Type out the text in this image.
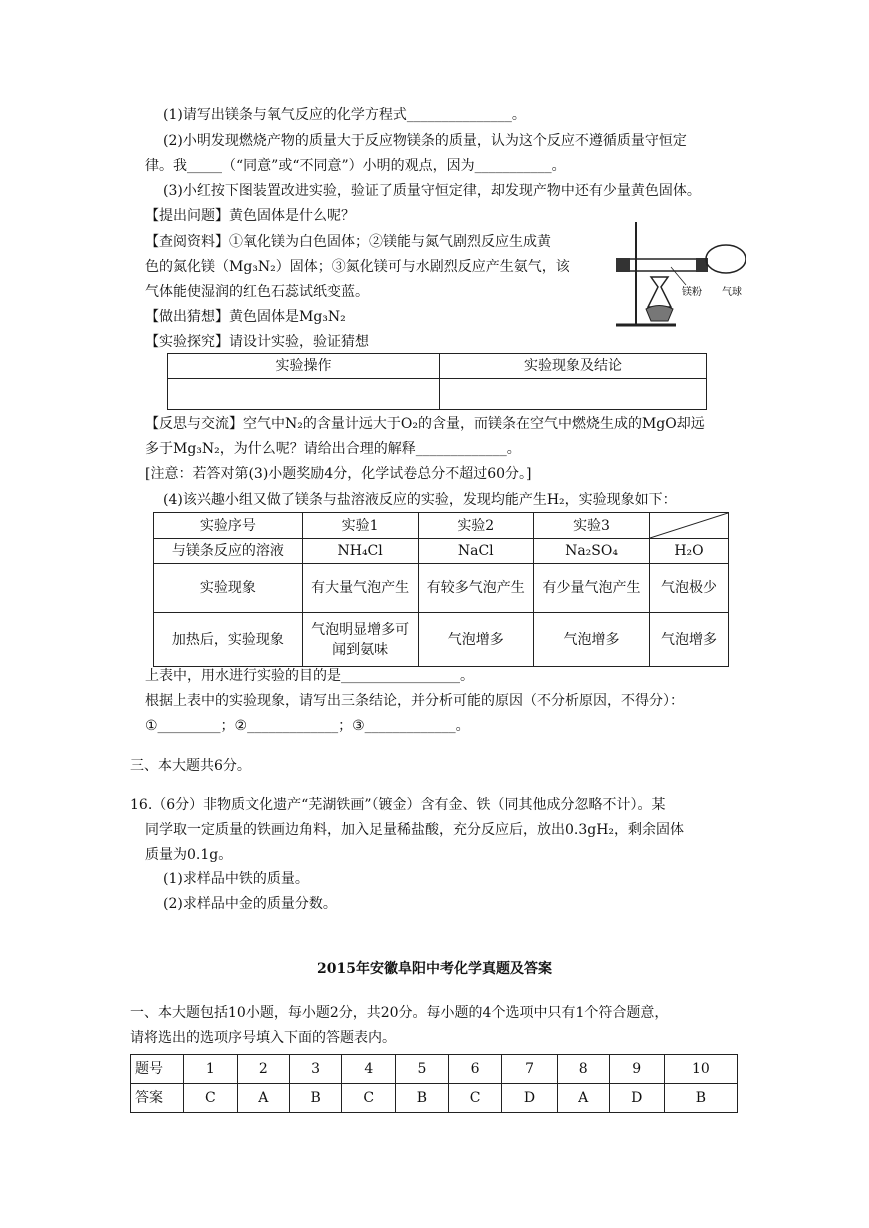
(1)请写出镁条与氧气反应的化学方程式_______________。
(2)小明发现燃烧产物的质量大于反应物镁条的质量，认为这个反应不遵循质量守恒定
律。我_____（“同意”或“不同意”）小明的观点，因为___________。
(3)小红按下图装置改进实验，验证了质量守恒定律，却发现产物中还有少量黄色固体。
【提出问题】黄色固体是什么呢？
【查阅资料】①氧化镁为白色固体；②镁能与氮气剧烈反应生成黄
色的氮化镁（Mg₃N₂）固体；③氮化镁可与水剧烈反应产生氨气，该
气体能使湿润的红色石蕊试纸变蓝。
【做出猜想】黄色固体是Mg₃N₂
【实验探究】请设计实验，验证猜想
镁粉 气球
实验操作	实验现象及结论

【反思与交流】空气中N₂的含量计远大于O₂的含量，而镁条在空气中燃烧生成的MgO却远
多于Mg₃N₂，为什么呢？请给出合理的解释_____________。
[注意：若答对第(3)小题奖励4分，化学试卷总分不超过60分。]
(4)该兴趣小组又做了镁条与盐溶液反应的实验，发现均能产生H₂，实验现象如下：
实验序号	实验1	实验2	实验3	

与镁条反应的溶液	NH₄Cl	NaCl	Na₂SO₄	H₂O
实验现象	有大量气泡产生	有较多气泡产生	有少量气泡产生	气泡极少
加热后，实验现象	气泡明显增多可闻到氨味	气泡增多	气泡增多	气泡增多
上表中，用水进行实验的目的是_________________。
根据上表中的实验现象，请写出三条结论，并分析可能的原因（不分析原因，不得分）：
①_________；②_____________；③_____________。
三、本大题共6分。
16.（6分）非物质文化遗产“芜湖铁画”（镀金）含有金、铁（同其他成分忽略不计）。某
同学取一定质量的铁画边角料，加入足量稀盐酸，充分反应后，放出0.3gH₂，剩余固体
质量为0.1g。
(1)求样品中铁的质量。
(2)求样品中金的质量分数。
2015年安徽阜阳中考化学真题及答案
一、本大题包括10小题，每小题2分，共20分。每小题的4个选项中只有1个符合题意，
请将选出的选项序号填入下面的答题表内。
题号	1	2	3	4	5	6	7	8	9	10
答案	C	A	B	C	B	C	D	A	D	B
